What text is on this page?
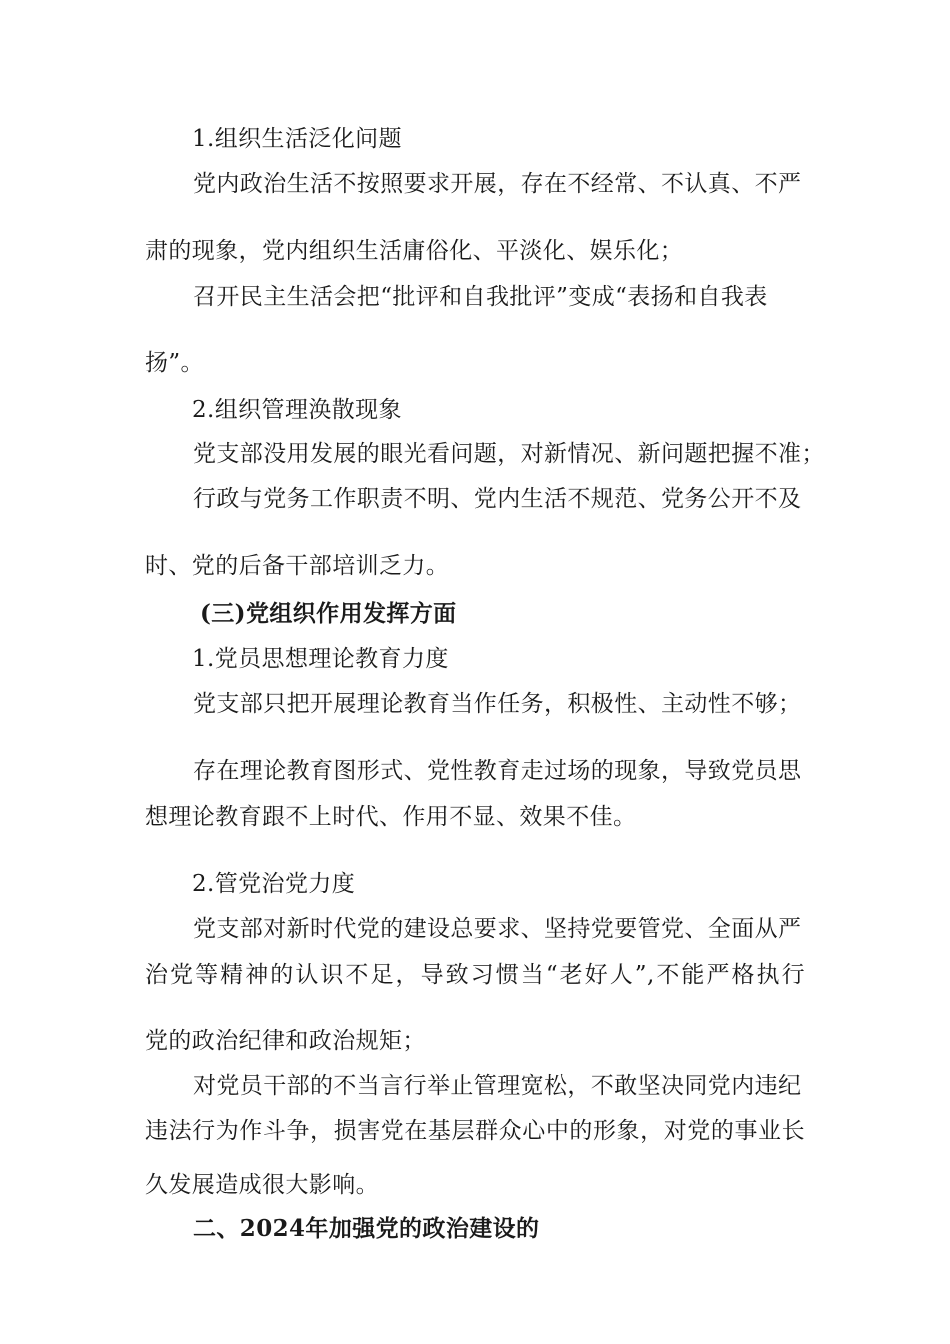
1.组织生活泛化问题

党内政治生活不按照要求开展，存在不经常、不认真、不严

肃的现象，党内组织生活庸俗化、平淡化、娱乐化；

召开民主生活会把“批评和自我批评”变成“表扬和自我表

扬”。

2.组织管理涣散现象

党支部没用发展的眼光看问题，对新情况、新问题把握不准；

行政与党务工作职责不明、党内生活不规范、党务公开不及

时、党的后备干部培训乏力。

(三)党组织作用发挥方面

1.党员思想理论教育力度

党支部只把开展理论教育当作任务，积极性、主动性不够；

存在理论教育图形式、党性教育走过场的现象，导致党员思

想理论教育跟不上时代、作用不显、效果不佳。

2.管党治党力度

党支部对新时代党的建设总要求、坚持党要管党、全面从严

治党等精神的认识不足，导致习惯当“老好人”,不能严格执行

党的政治纪律和政治规矩；

对党员干部的不当言行举止管理宽松，不敢坚决同党内违纪

违法行为作斗争，损害党在基层群众心中的形象，对党的事业长

久发展造成很大影响。

二、2024年加强党的政治建设的
